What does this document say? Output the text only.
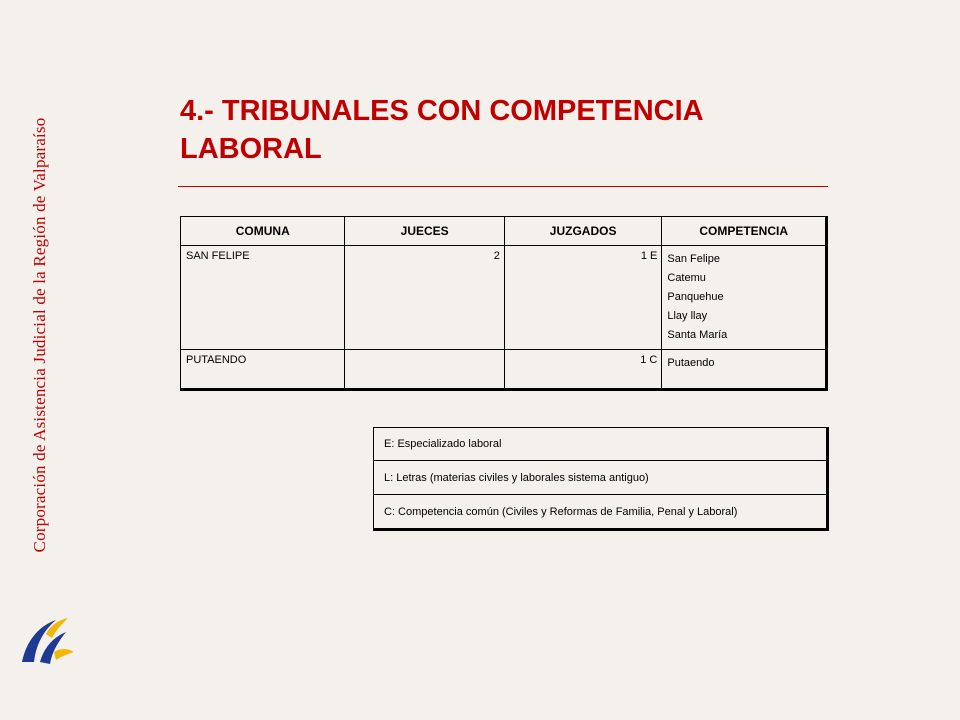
Corporación de Asistencia Judicial de la Región de Valparaíso
4.- TRIBUNALES CON COMPETENCIA LABORAL
COMUNA	JUECES	JUZGADOS	COMPETENCIA
SAN FELIPE	2	1 E	San Felipe
Catemu
Panquehue
Llay llay
Santa María

PUTAENDO		1 C	Putaendo
E: Especializado laboral
L: Letras (materias civiles y laborales sistema antiguo)
C: Competencia común (Civiles y Reformas de Familia, Penal y Laboral)
